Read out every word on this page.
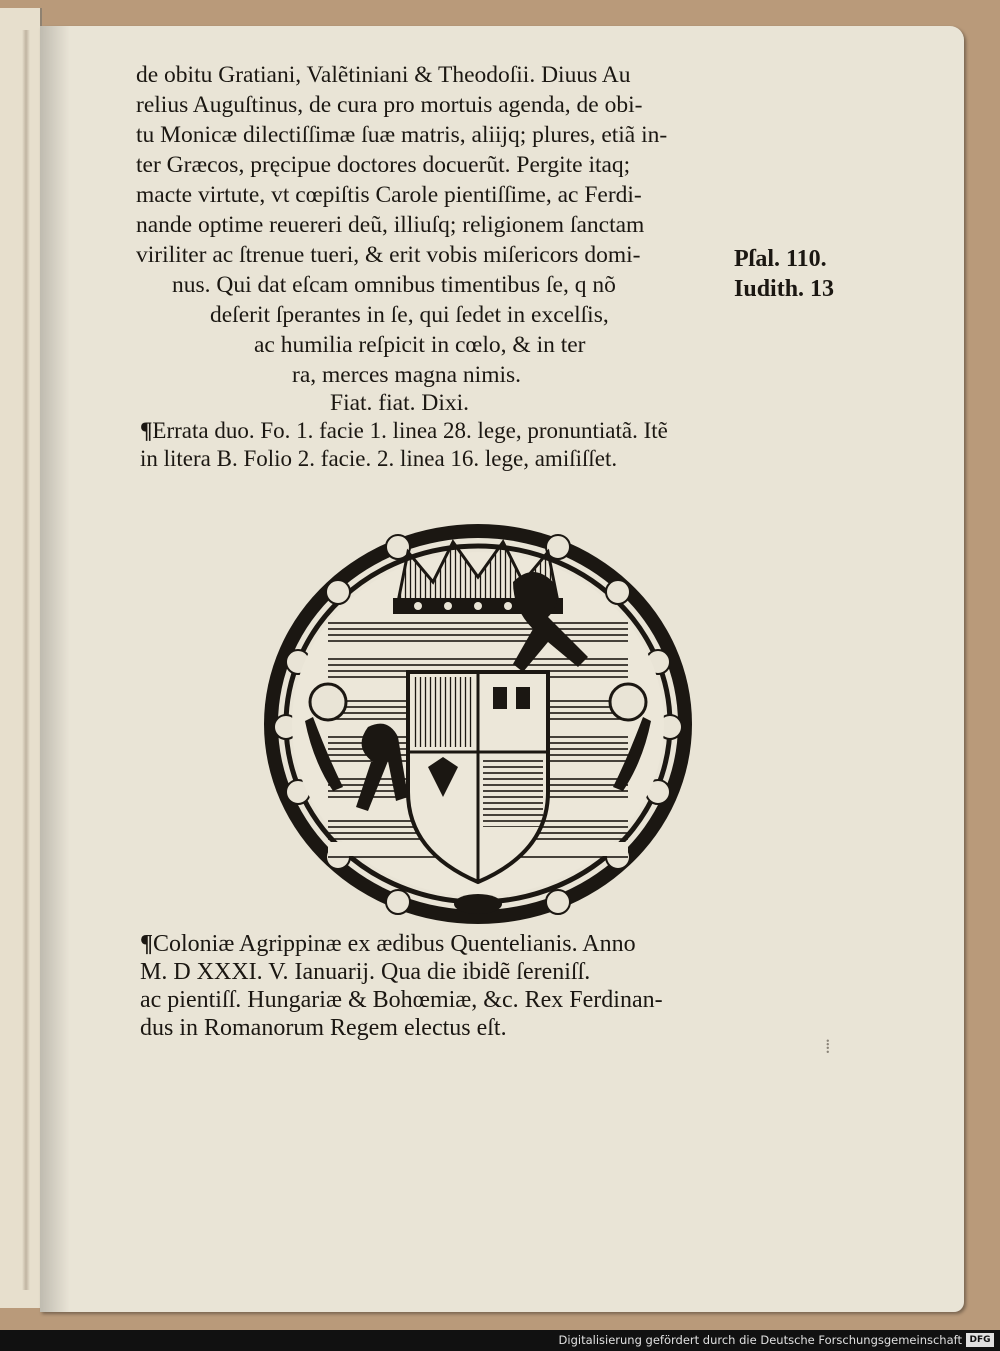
de obitu Gratiani, Valẽtiniani & Theodoſii. Diuus Au
relius Auguſtinus, de cura pro mortuis agenda, de obi-
tu Monicæ dilectiſſimæ ſuæ matris, aliĳq; plures, etiã in-
ter Græcos, pręcipue doctores docuerũt. Pergite itaq;
macte virtute, vt cœpiſtis Carole pientiſſime, ac Ferdi-
nande optime reuereri deũ, illiuſq; religionem ſanctam
viriliter ac ſtrenue tueri, & erit vobis miſericors domi-
nus. Qui dat eſcam omnibus timentibus ſe, q nõ
deſerit ſperantes in ſe, qui ſedet in excelſis,
ac humilia reſpicit in cœlo, & in ter
ra, merces magna nimis.
Fiat. fiat. Dixi.
Pſal. 110.
Iudith. 13
¶Errata duo. Fo. 1. facie 1. linea 28. lege, pronuntiatã. Itẽ
in litera B. Folio 2. facie. 2. linea 16. lege, amiſiſſet.
¶Coloniæ Agrippinæ ex ædibus Quentelianis. Anno
M. D XXXI. V. Ianuarĳ. Qua die ibidẽ ſereniſſ.
ac pientiſſ. Hungariæ & Bohœmiæ, &c. Rex Ferdinan-
dus in Romanorum Regem electus eſt.
⁞
Digitalisierung gefördert durch die Deutsche Forschungsgemeinschaft DFG
